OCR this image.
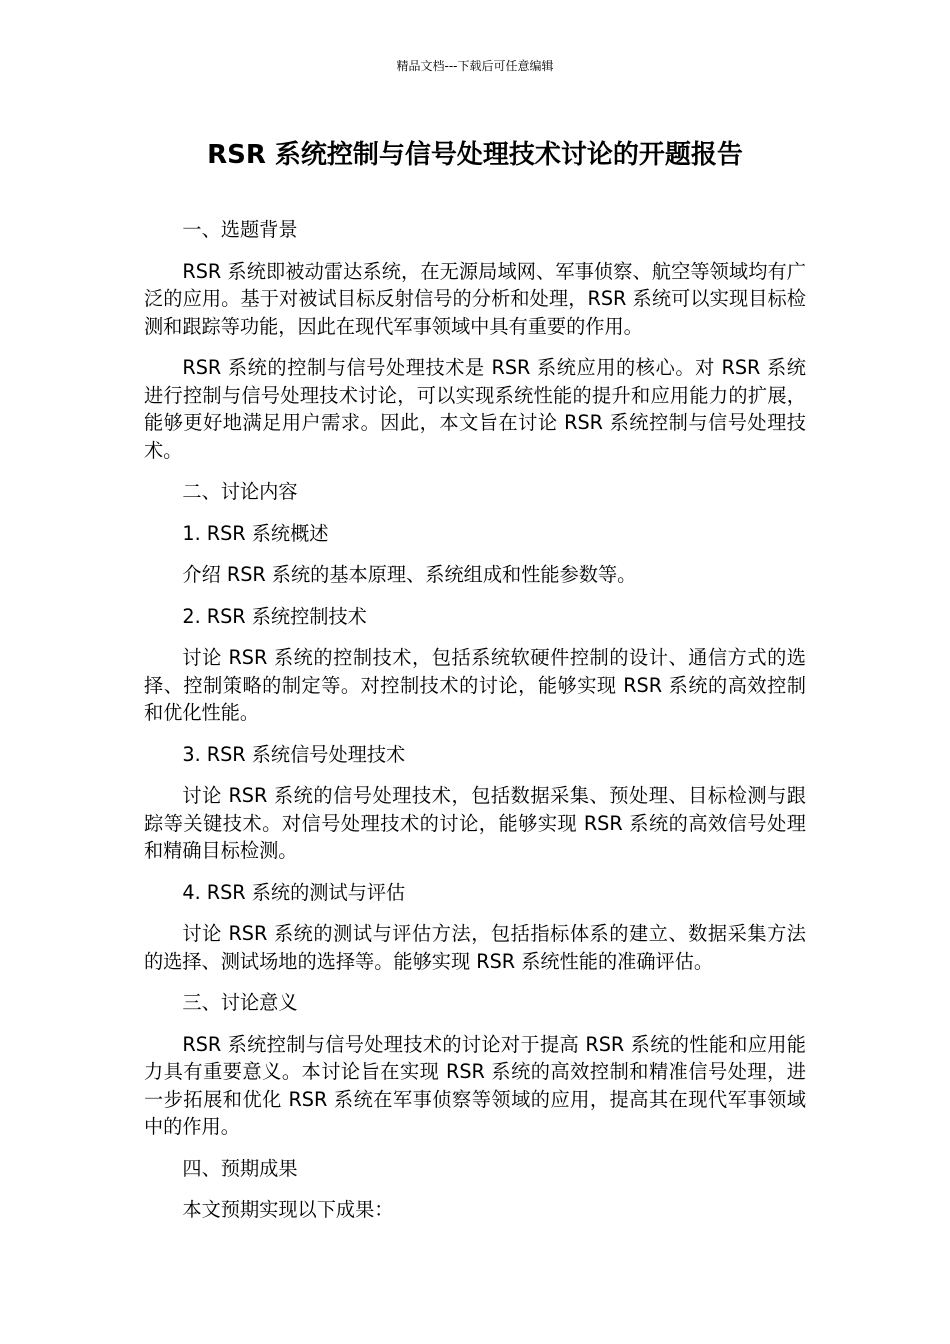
精品文档---下载后可任意编辑
RSR 系统控制与信号处理技术讨论的开题报告

一、选题背景

RSR 系统即被动雷达系统，在无源局域网、军事侦察、航空等领域均有广泛的应用。基于对被试目标反射信号的分析和处理，RSR 系统可以实现目标检测和跟踪等功能，因此在现代军事领域中具有重要的作用。

RSR 系统的控制与信号处理技术是 RSR 系统应用的核心。对 RSR 系统进行控制与信号处理技术讨论，可以实现系统性能的提升和应用能力的扩展，能够更好地满足用户需求。因此，本文旨在讨论 RSR 系统控制与信号处理技术。

二、讨论内容

1. RSR 系统概述

介绍 RSR 系统的基本原理、系统组成和性能参数等。

2. RSR 系统控制技术

讨论 RSR 系统的控制技术，包括系统软硬件控制的设计、通信方式的选择、控制策略的制定等。对控制技术的讨论，能够实现 RSR 系统的高效控制和优化性能。

3. RSR 系统信号处理技术

讨论 RSR 系统的信号处理技术，包括数据采集、预处理、目标检测与跟踪等关键技术。对信号处理技术的讨论，能够实现 RSR 系统的高效信号处理和精确目标检测。

4. RSR 系统的测试与评估

讨论 RSR 系统的测试与评估方法，包括指标体系的建立、数据采集方法的选择、测试场地的选择等。能够实现 RSR 系统性能的准确评估。

三、讨论意义

RSR 系统控制与信号处理技术的讨论对于提高 RSR 系统的性能和应用能力具有重要意义。本讨论旨在实现 RSR 系统的高效控制和精准信号处理，进一步拓展和优化 RSR 系统在军事侦察等领域的应用，提高其在现代军事领域中的作用。

四、预期成果

本文预期实现以下成果：
